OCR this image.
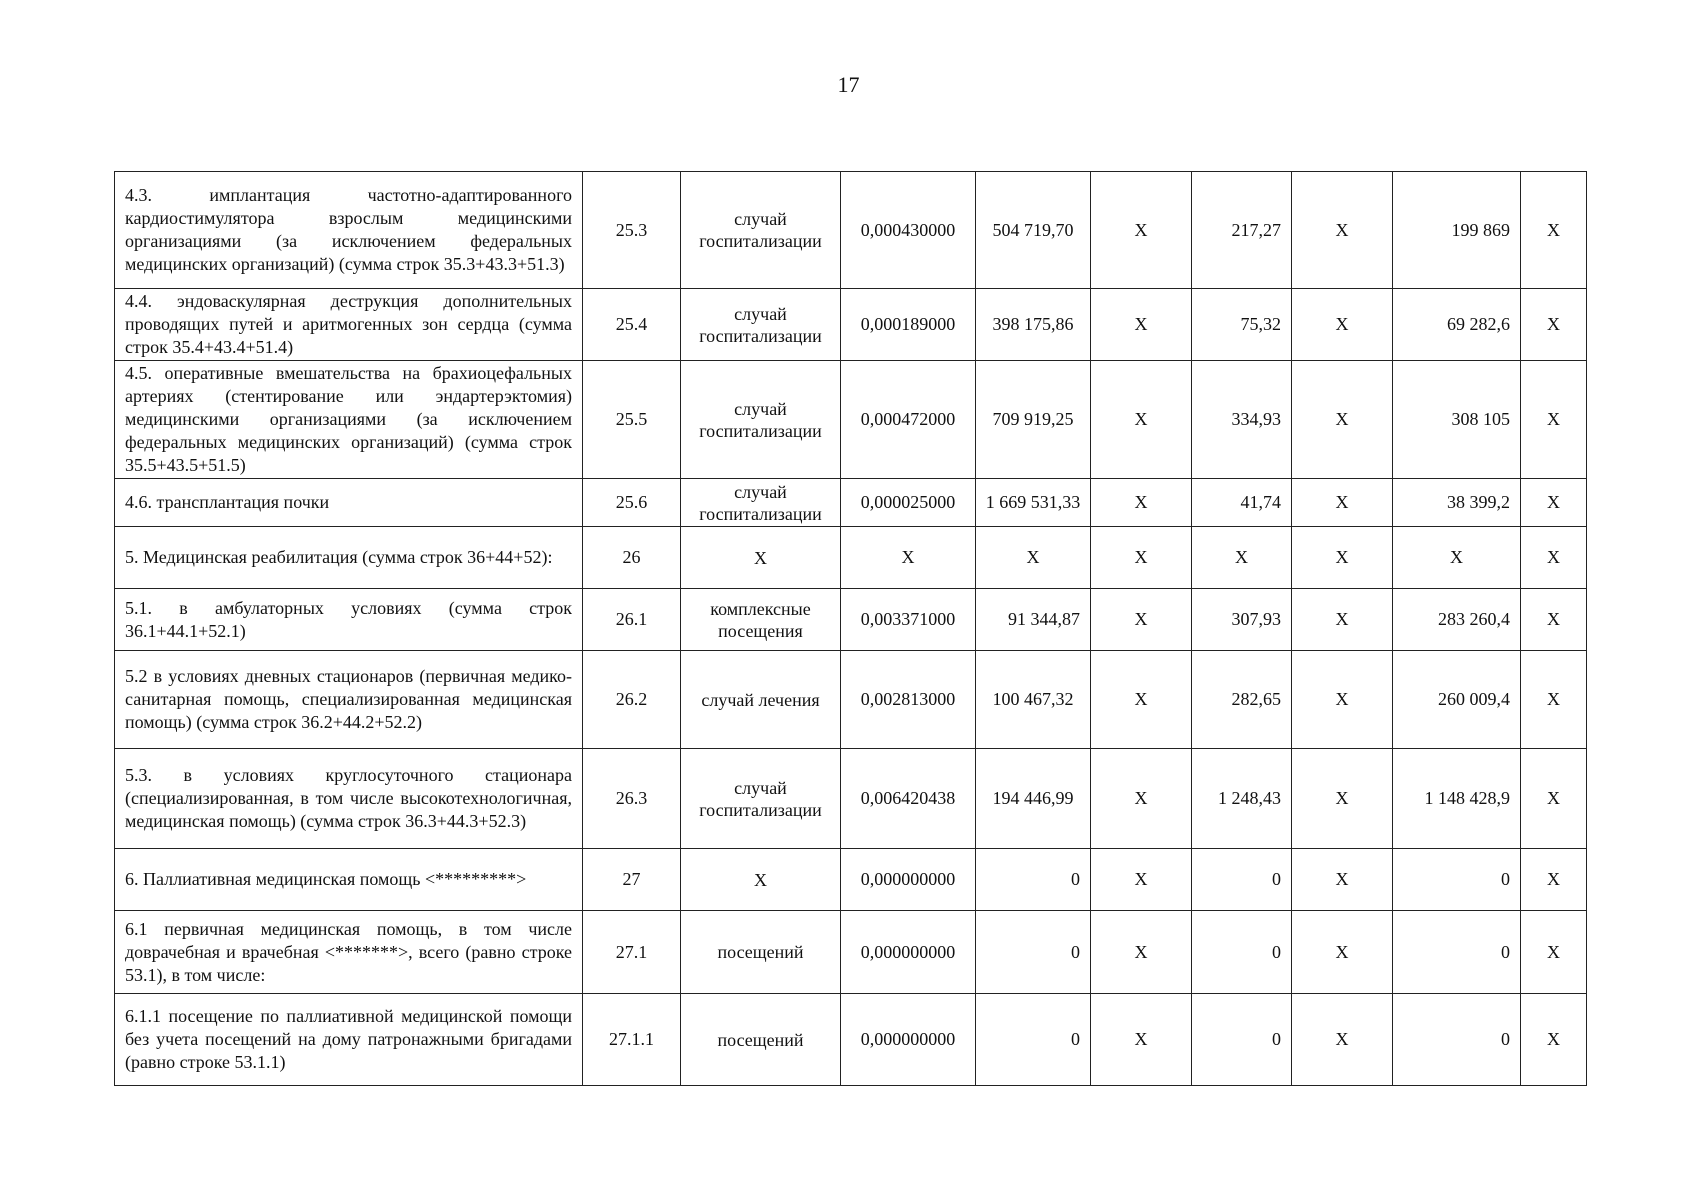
17
4.3. имплантация частотно-адаптированного кардиостимулятора взрослым медицинскими организациями (за исключением федеральных медицинских организаций) (сумма строк 35.3+43.3+51.3)	25.3	случай госпитализации	0,000430000	504 719,70	X	217,27	X	199 869	X
4.4. эндоваскулярная деструкция дополнительных проводящих путей и аритмогенных зон сердца (сумма строк 35.4+43.4+51.4)	25.4	случай госпитализации	0,000189000	398 175,86	X	75,32	X	69 282,6	X
4.5. оперативные вмешательства на брахиоцефальных артериях (стентирование или эндартерэктомия) медицинскими организациями (за исключением федеральных медицинских организаций) (сумма строк 35.5+43.5+51.5)	25.5	случай госпитализации	0,000472000	709 919,25	X	334,93	X	308 105	X
4.6. трансплантация почки	25.6	случай госпитализации	0,000025000	1 669 531,33	X	41,74	X	38 399,2	X
5. Медицинская реабилитация (сумма строк 36+44+52):	26	X	X	X	X	X	X	X	X
5.1. в амбулаторных условиях (сумма строк 36.1+44.1+52.1)	26.1	комплексные посещения	0,003371000	91 344,87	X	307,93	X	283 260,4	X
5.2 в условиях дневных стационаров (первичная медико-санитарная помощь, специализированная медицинская помощь) (сумма строк 36.2+44.2+52.2)	26.2	случай лечения	0,002813000	100 467,32	X	282,65	X	260 009,4	X
5.3. в условиях круглосуточного стационара (специализированная, в том числе высокотехнологичная, медицинская помощь) (сумма строк 36.3+44.3+52.3)	26.3	случай госпитализации	0,006420438	194 446,99	X	1 248,43	X	1 148 428,9	X
6. Паллиативная медицинская помощь <*********>	27	X	0,000000000	0	X	0	X	0	X
6.1 первичная медицинская помощь, в том числе доврачебная и врачебная <*******>, всего (равно строке 53.1), в том числе:	27.1	посещений	0,000000000	0	X	0	X	0	X
6.1.1 посещение по паллиативной медицинской помощи без учета посещений на дому патронажными бригадами (равно строке 53.1.1)	27.1.1	посещений	0,000000000	0	X	0	X	0	X
